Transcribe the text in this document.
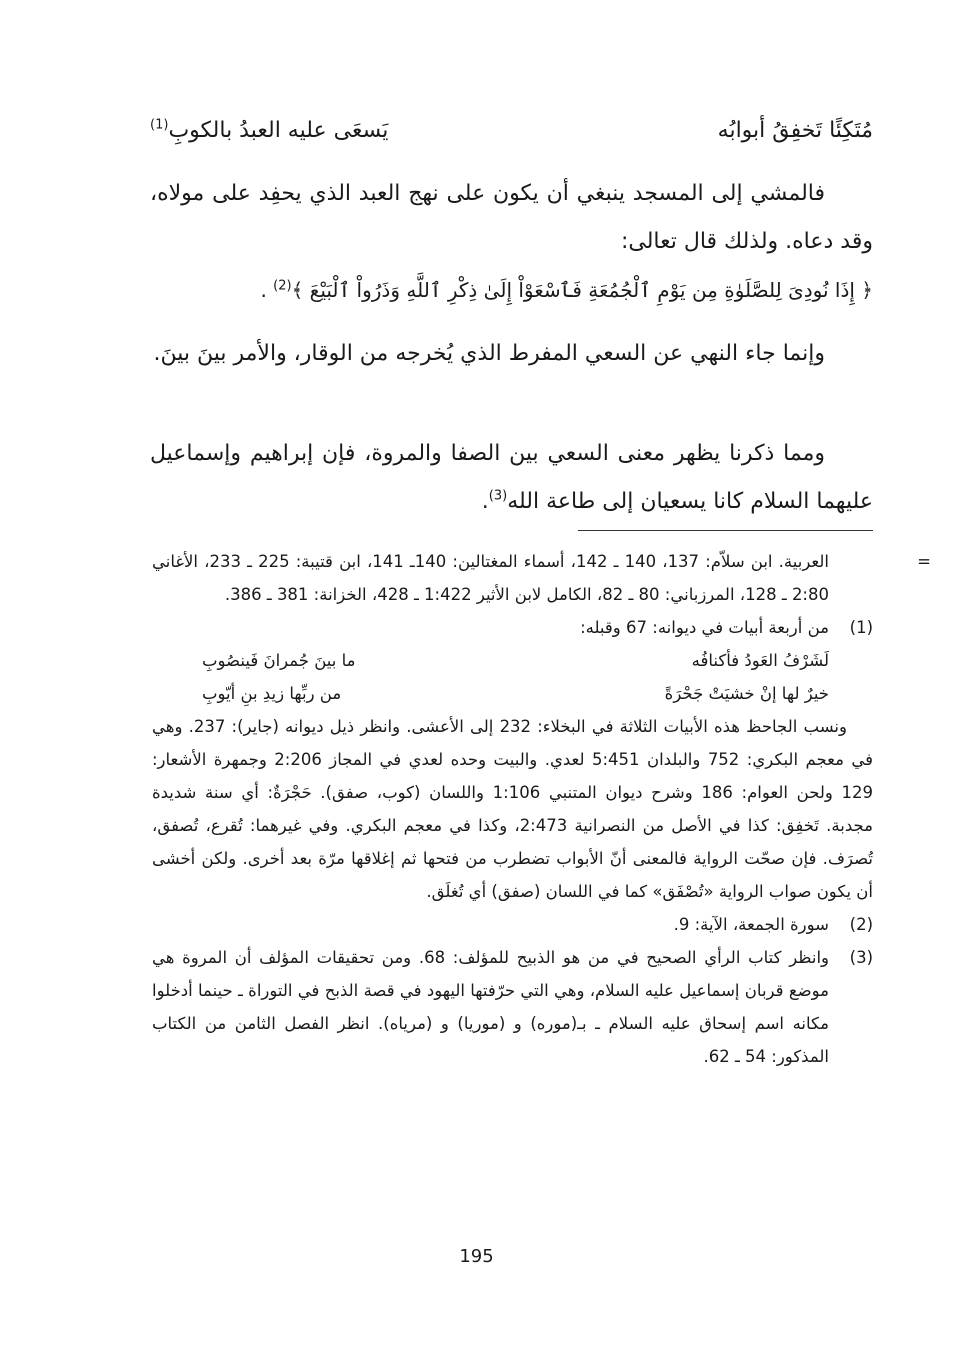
مُتَكِئًا تَخفِقُ أبوابُه
يَسعَى عليه العبدُ بالكوبِ$^{(1)}$
فالمشي إلى المسجد ينبغي أن يكون على نهج العبد الذي يحفِد على مولاه، وقد دعاه. ولذلك قال تعالى:
﴿ إِذَا نُودِىَ لِلصَّلَوٰةِ مِن يَوْمِ ٱلْجُمُعَةِ فَٱسْعَوْاْ إِلَىٰ ذِكْرِ ٱللَّهِ وَذَرُواْ ٱلْبَيْعَ ﴾$^{(2)}$ .
وإنما جاء النهي عن السعي المفرط الذي يُخرجه من الوقار، والأمر بينَ بينَ.
ومما ذكرنا يظهر معنى السعي بين الصفا والمروة، فإن إبراهيم وإسماعيل عليهما السلام كانا يسعيان إلى طاعة الله$^{(3)}$.
=
العربية. ابن سلاّم: 137، 140 ـ 142، أسماء المغتالين: 140ـ 141، ابن قتيبة: 225 ـ 233، الأغاني 2:80 ـ 128، المرزباني: 80 ـ 82، الكامل لابن الأثير 1:422 ـ 428، الخزانة: 381 ـ 386.
(1)
من أربعة أبيات في ديوانه: 67 وقبله:
لَشَرْفُ العَودُ فأكنافُه
ما بينَ جُمرانَ فَينصُوبِ
خيرٌ لها إنْ خشيَتْ جَحْرَةً
من ربِّها زيدِ بنِ أيّوبِ
ونسب الجاحظ هذه الأبيات الثلاثة في البخلاء: 232 إلى الأعشى. وانظر ذيل ديوانه (جاير): 237. وهي في معجم البكري: 752 والبلدان 5:451 لعدي. والبيت وحده لعدي في المجاز 2:206 وجمهرة الأشعار: 129 ولحن العوام: 186 وشرح ديوان المتنبي 1:106 واللسان (كوب، صفق). حَجْرَةٌ: أي سنة شديدة مجدبة. تَخفِق: كذا في الأصل من النصرانية 2:473، وكذا في معجم البكري. وفي غيرهما: تُقرع، تُصفق، تُصرَف. فإن صحّت الرواية فالمعنى أنّ الأبواب تضطرب من فتحها ثم إغلاقها مرّة بعد أخرى. ولكن أخشى أن يكون صواب الرواية «تُصْفَق» كما في اللسان (صفق) أي تُغلَق.
(2)
سورة الجمعة، الآية: 9.
(3)
وانظر كتاب الرأي الصحيح في من هو الذبيح للمؤلف: 68. ومن تحقيقات المؤلف أن المروة هي موضع قربان إسماعيل عليه السلام، وهي التي حرّفتها اليهود في قصة الذبح في التوراة ـ حينما أدخلوا مكانه اسم إسحاق عليه السلام ـ بـ(موره) و (موريا) و (مرياه). انظر الفصل الثامن من الكتاب المذكور: 54 ـ 62.
195
